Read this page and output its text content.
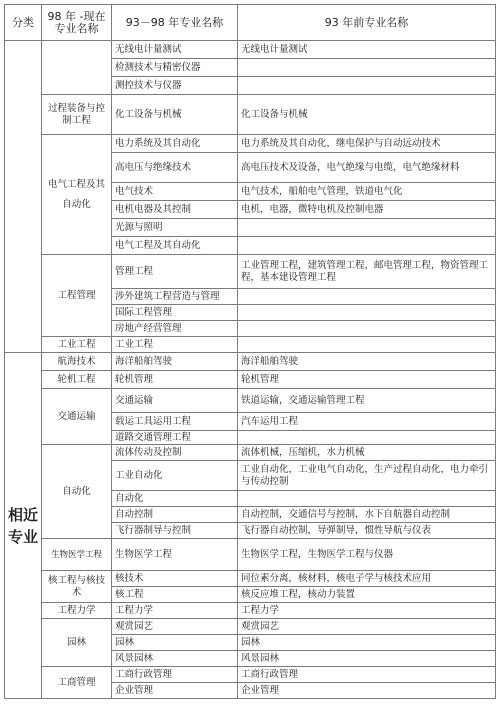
分类	98 年 -现在专业名称	93－98 年专业名称	93 年前专业名称
		无线电计量测试	无线电计量测试
		检测技术与精密仪器	
		测控技术与仪器	
	过程装备与控制工程	化工设备与机械	化工设备与机械
	电气工程及其自动化	电力系统及其自动化	电力系统及其自动化，继电保护与自动远动技术
		高电压与绝缘技术	高电压技术及设备，电气绝缘与电缆，电气绝缘材料
		电气技术	电气技术，船舶电气管理，铁道电气化
		电机电器及其控制	电机，电器，微特电机及控制电器
		光源与照明	
		电气工程及其自动化	
	工程管理	管理工程	工业管理工程，建筑管理工程，邮电管理工程，物资管理工程，基本建设管理工程
		涉外建筑工程营造与管理	
		国际工程管理	
		房地产经营管理	
	工业工程	工业工程	
相近专业	航海技术	海洋船舶驾驶	海洋船舶驾驶
	轮机工程	轮机管理	轮机管理
	交通运输	交通运输	铁道运输，交通运输管理工程
		载运工具运用工程	汽车运用工程
		道路交通管理工程	
	自动化	流体传动及控制	流体机械，压缩机，水力机械
		工业自动化	工业自动化，工业电气自动化，生产过程自动化，电力牵引与传动控制
		自动化	
		自动控制	自动控制，交通信号与控制，水下自航器自动控制
		飞行器制导与控制	飞行器自动控制，导弹制导，惯性导航与仪表
	生物医学工程	生物医学工程	生物医学工程，生物医学工程与仪器
	核工程与核技术	核技术	同位素分离，核材料，核电子学与核技术应用
		核工程	核反应堆工程，核动力装置
	工程力学	工程力学	工程力学
	园林	观赏园艺	观赏园艺
		园林	园林
		风景园林	风景园林
	工商管理	工商行政管理	工商行政管理
		企业管理	企业管理
